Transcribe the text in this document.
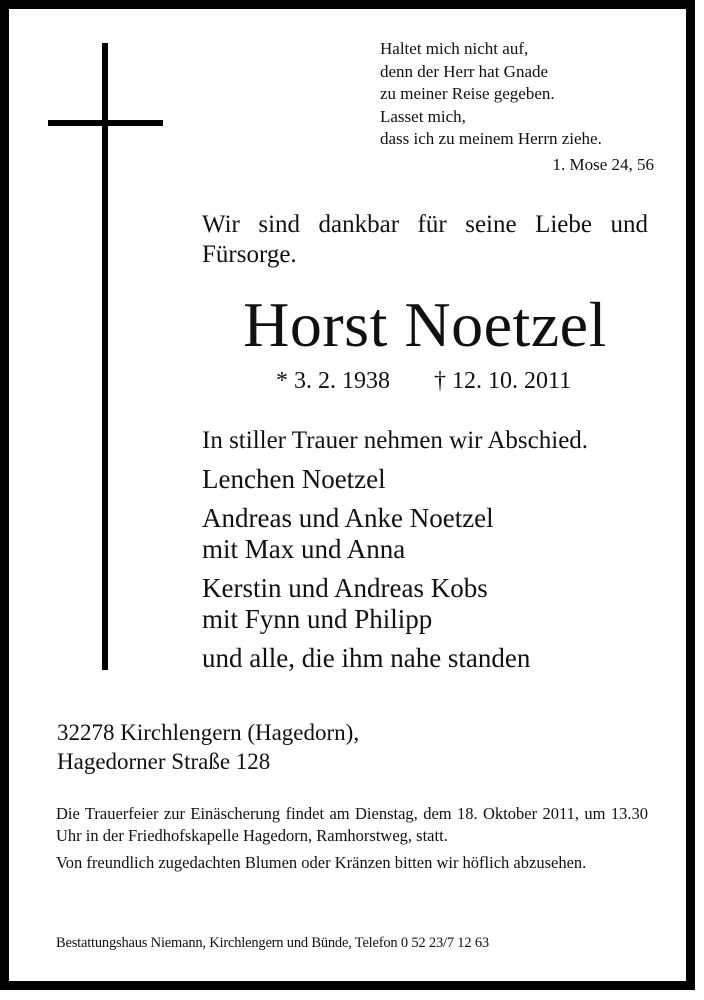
Haltet mich nicht auf,
denn der Herr hat Gnade
zu meiner Reise gegeben.
Lasset mich,
dass ich zu meinem Herrn ziehe.
1. Mose 24, 56
Wir sind dankbar für seine Liebe und Fürsorge.
Horst Noetzel
* 3. 2. 1938 † 12. 10. 2011
In stiller Trauer nehmen wir Abschied.
Lenchen Noetzel
Andreas und Anke Noetzel
mit Max und Anna
Kerstin und Andreas Kobs
mit Fynn und Philipp
und alle, die ihm nahe standen
32278 Kirchlengern (Hagedorn),
Hagedorner Straße 128

Die Trauerfeier zur Einäscherung findet am Dienstag, dem 18. Oktober 2011, um 13.30 Uhr in der Friedhofskapelle Hagedorn, Ramhorstweg, statt.

Von freundlich zugedachten Blumen oder Kränzen bitten wir höflich abzusehen.

Bestattungshaus Niemann, Kirchlengern und Bünde, Telefon 0 52 23/7 12 63
